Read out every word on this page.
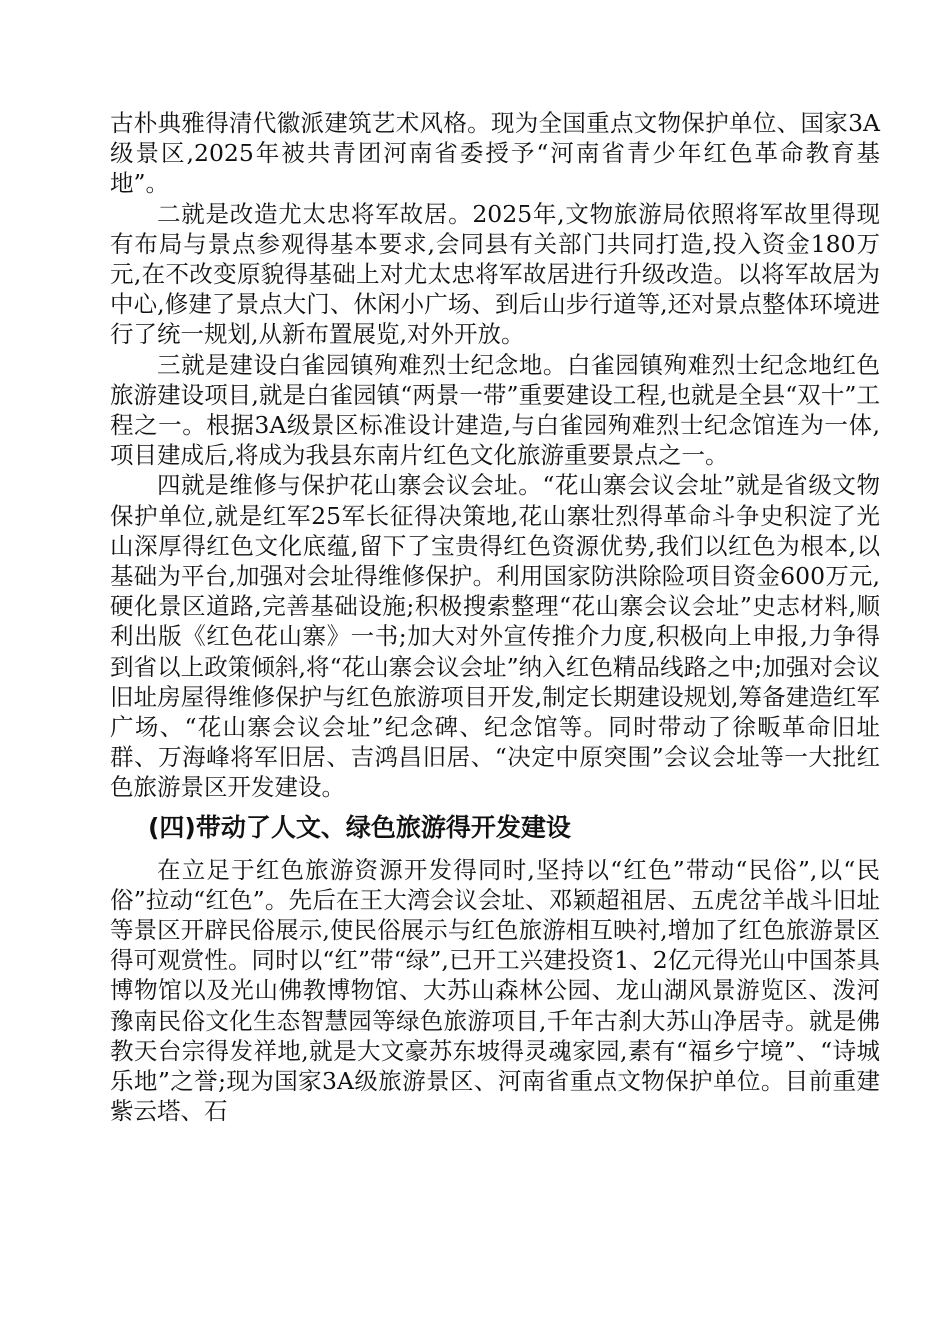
古朴典雅得清代徽派建筑艺术风格。现为全国重点文物保护单位、国家3A级景区,2025年被共青团河南省委授予“河南省青少年红色革命教育基地”。

二就是改造尤太忠将军故居。2025年,文物旅游局依照将军故里得现有布局与景点参观得基本要求,会同县有关部门共同打造,投入资金180万元,在不改变原貌得基础上对尤太忠将军故居进行升级改造。以将军故居为中心,修建了景点大门、休闲小广场、到后山步行道等,还对景点整体环境进行了统一规划,从新布置展览,对外开放。

三就是建设白雀园镇殉难烈士纪念地。白雀园镇殉难烈士纪念地红色旅游建设项目,就是白雀园镇“两景一带”重要建设工程,也就是全县“双十”工程之一。根据3A级景区标准设计建造,与白雀园殉难烈士纪念馆连为一体,项目建成后,将成为我县东南片红色文化旅游重要景点之一。

四就是维修与保护花山寨会议会址。“花山寨会议会址”就是省级文物保护单位,就是红军25军长征得决策地,花山寨壮烈得革命斗争史积淀了光山深厚得红色文化底蕴,留下了宝贵得红色资源优势,我们以红色为根本,以基础为平台,加强对会址得维修保护。利用国家防洪除险项目资金600万元,硬化景区道路,完善基础设施;积极搜索整理“花山寨会议会址”史志材料,顺利出版《红色花山寨》一书;加大对外宣传推介力度,积极向上申报,力争得到省以上政策倾斜,将“花山寨会议会址”纳入红色精品线路之中;加强对会议旧址房屋得维修保护与红色旅游项目开发,制定长期建设规划,筹备建造红军广场、“花山寨会议会址”纪念碑、纪念馆等。同时带动了徐畈革命旧址群、万海峰将军旧居、吉鸿昌旧居、“决定中原突围”会议会址等一大批红色旅游景区开发建设。

(四)带动了人文、绿色旅游得开发建设

在立足于红色旅游资源开发得同时,坚持以“红色”带动“民俗”,以“民俗”拉动“红色”。先后在王大湾会议会址、邓颖超祖居、五虎岔羊战斗旧址等景区开辟民俗展示,使民俗展示与红色旅游相互映衬,增加了红色旅游景区得可观赏性。同时以“红”带“绿”,已开工兴建投资1、2亿元得光山中国茶具博物馆以及光山佛教博物馆、大苏山森林公园、龙山湖风景游览区、泼河豫南民俗文化生态智慧园等绿色旅游项目,千年古刹大苏山净居寺。就是佛教天台宗得发祥地,就是大文豪苏东坡得灵魂家园,素有“福乡宁境”、“诗城乐地”之誉;现为国家3A级旅游景区、河南省重点文物保护单位。目前重建紫云塔、石
